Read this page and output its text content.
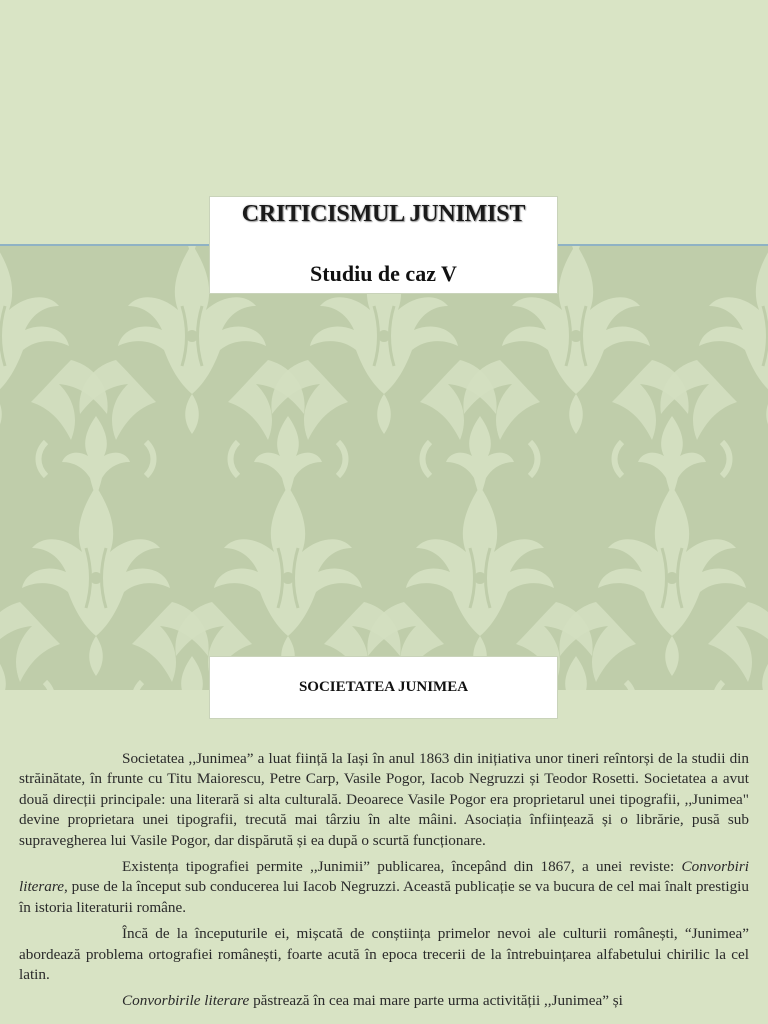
CRITICISMUL JUNIMIST
Studiu de caz V
SOCIETATEA JUNIMEA

Societatea ,,Junimea” a luat ființă la Iași în anul 1863 din inițiativa unor tineri reîntorși de la studii din străinătate, în frunte cu Titu Maiorescu, Petre Carp, Vasile Pogor, Iacob Negruzzi și Teodor Rosetti. Societatea a avut două direcții principale: una literară si alta culturală. Deoarece Vasile Pogor era proprietarul unei tipografii, ,,Junimea" devine proprietara unei tipografii, trecută mai târziu în alte mâini. Asociația înființează și o librărie, pusă sub supravegherea lui Vasile Pogor, dar dispărută și ea după o scurtă funcționare.

Existența tipografiei permite ,,Junimii” publicarea, începând din 1867, a unei reviste: Convorbiri literare, puse de la început sub conducerea lui Iacob Negruzzi. Această publicație se va bucura de cel mai înalt prestigiu în istoria literaturii române.

Încă de la începuturile ei, mișcată de conștiința primelor nevoi ale culturii românești, “Junimea” abordează problema ortografiei românești, foarte acută în epoca trecerii de la întrebuințarea alfabetului chirilic la cel latin.

Convorbirile literare păstrează în cea mai mare parte urma activității ,,Junimea” și
